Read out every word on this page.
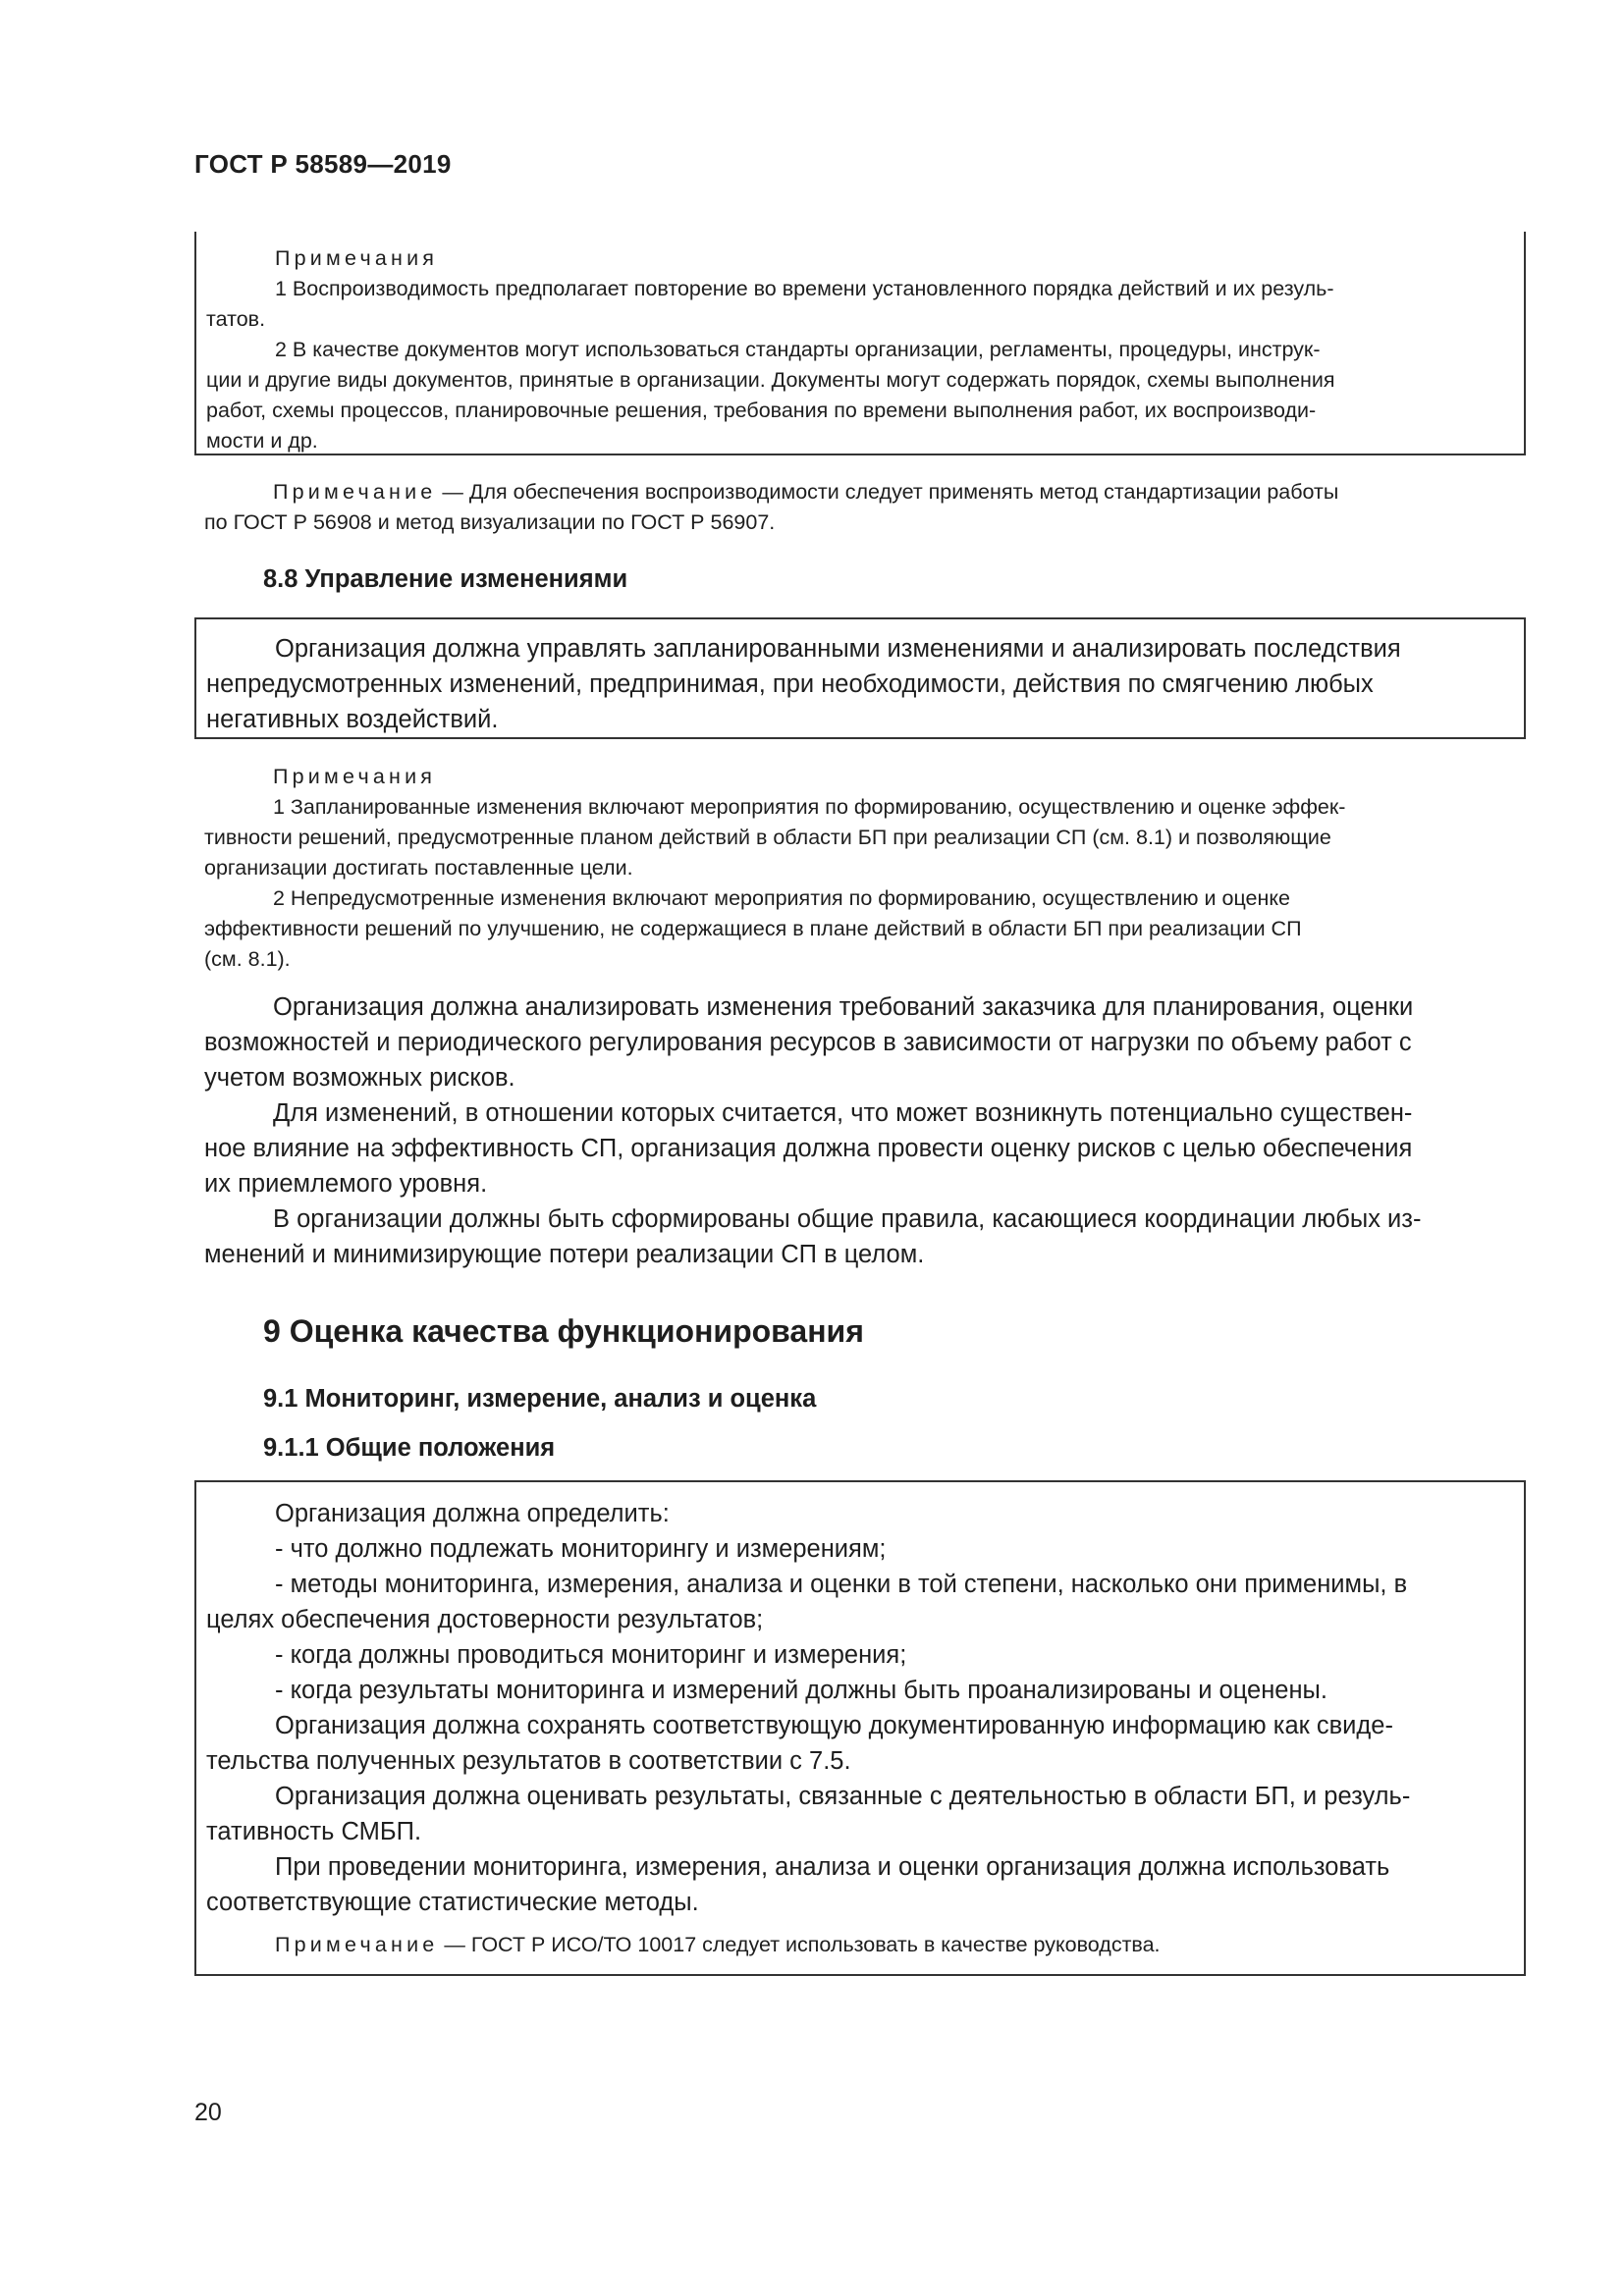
ГОСТ Р 58589—2019

Примечания

1 Воспроизводимость предполагает повторение во времени установленного порядка действий и их резуль-

татов.

2 В качестве документов могут использоваться стандарты организации, регламенты, процедуры, инструк-

ции и другие виды документов, принятые в организации. Документы могут содержать порядок, схемы выполнения

работ, схемы процессов, планировочные решения, требования по времени выполнения работ, их воспроизводи-

мости и др.

Примечание — Для обеспечения воспроизводимости следует применять метод стандартизации работы

по ГОСТ Р 56908 и метод визуализации по ГОСТ Р 56907.

8.8 Управление изменениями

Организация должна управлять запланированными изменениями и анализировать последствия

непредусмотренных изменений, предпринимая, при необходимости, действия по смягчению любых

негативных воздействий.

Примечания

1 Запланированные изменения включают мероприятия по формированию, осуществлению и оценке эффек-

тивности решений, предусмотренные планом действий в области БП при реализации СП (см. 8.1) и позволяющие

организации достигать поставленные цели.

2 Непредусмотренные изменения включают мероприятия по формированию, осуществлению и оценке

эффективности решений по улучшению, не содержащиеся в плане действий в области БП при реализации СП

(см. 8.1).

Организация должна анализировать изменения требований заказчика для планирования, оценки

возможностей и периодического регулирования ресурсов в зависимости от нагрузки по объему работ с

учетом возможных рисков.

Для изменений, в отношении которых считается, что может возникнуть потенциально существен-

ное влияние на эффективность СП, организация должна провести оценку рисков с целью обеспечения

их приемлемого уровня.

В организации должны быть сформированы общие правила, касающиеся координации любых из-

менений и минимизирующие потери реализации СП в целом.

9 Оценка качества функционирования
9.1 Мониторинг, измерение, анализ и оценка
9.1.1 Общие положения

Организация должна определить:

- что должно подлежать мониторингу и измерениям;

- методы мониторинга, измерения, анализа и оценки в той степени, насколько они применимы, в

целях обеспечения достоверности результатов;

- когда должны проводиться мониторинг и измерения;

- когда результаты мониторинга и измерений должны быть проанализированы и оценены.

Организация должна сохранять соответствующую документированную информацию как свиде-

тельства полученных результатов в соответствии с 7.5.

Организация должна оценивать результаты, связанные с деятельностью в области БП, и резуль-

тативность СМБП.

При проведении мониторинга, измерения, анализа и оценки организация должна использовать

соответствующие статистические методы.

Примечание — ГОСТ Р ИСО/ТО 10017 следует использовать в качестве руководства.

20
